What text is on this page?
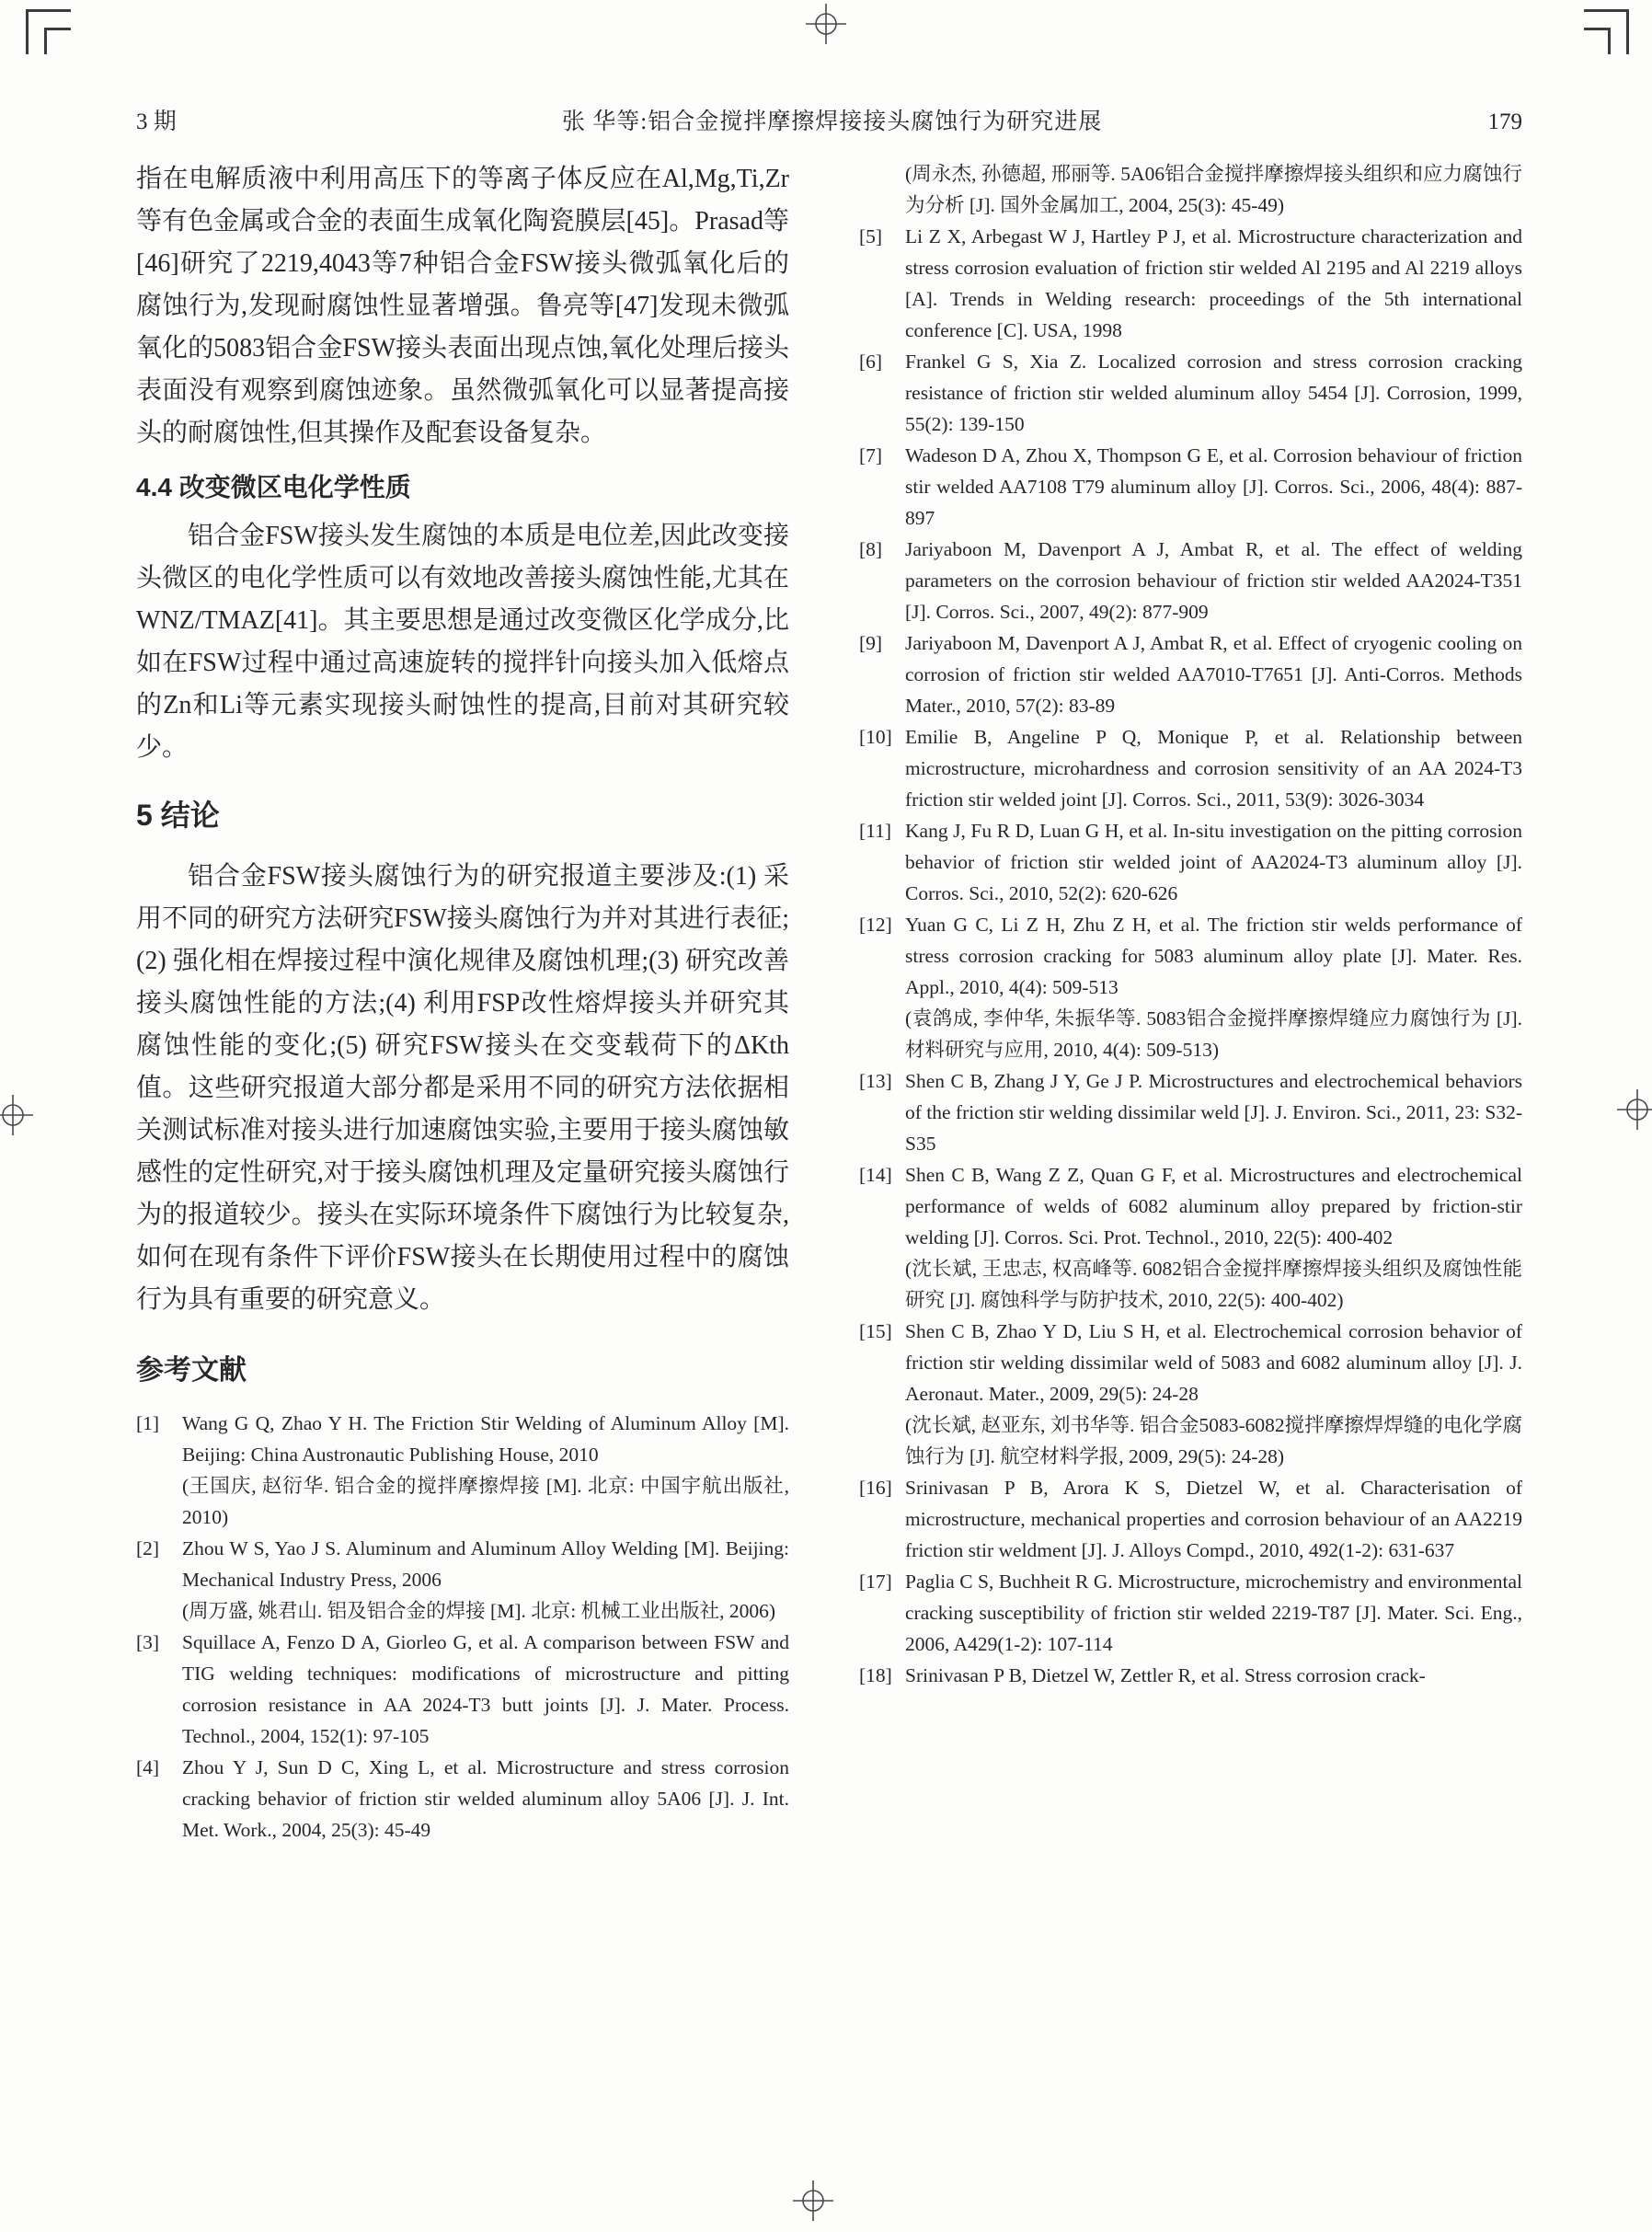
3 期	张 华等:铝合金搅拌摩擦焊接接头腐蚀行为研究进展	179

指在电解质液中利用高压下的等离子体反应在Al,Mg,Ti,Zr等有色金属或合金的表面生成氧化陶瓷膜层[45]。Prasad等[46]研究了2219,4043等7种铝合金FSW接头微弧氧化后的腐蚀行为,发现耐腐蚀性显著增强。鲁亮等[47]发现未微弧氧化的5083铝合金FSW接头表面出现点蚀,氧化处理后接头表面没有观察到腐蚀迹象。虽然微弧氧化可以显著提高接头的耐腐蚀性,但其操作及配套设备复杂。

4.4 改变微区电化学性质

铝合金FSW接头发生腐蚀的本质是电位差,因此改变接头微区的电化学性质可以有效地改善接头腐蚀性能,尤其在WNZ/TMAZ[41]。其主要思想是通过改变微区化学成分,比如在FSW过程中通过高速旋转的搅拌针向接头加入低熔点的Zn和Li等元素实现接头耐蚀性的提高,目前对其研究较少。

5 结论

铝合金FSW接头腐蚀行为的研究报道主要涉及:(1) 采用不同的研究方法研究FSW接头腐蚀行为并对其进行表征;(2) 强化相在焊接过程中演化规律及腐蚀机理;(3) 研究改善接头腐蚀性能的方法;(4) 利用FSP改性熔焊接头并研究其腐蚀性能的变化;(5) 研究FSW接头在交变载荷下的ΔKth值。这些研究报道大部分都是采用不同的研究方法依据相关测试标准对接头进行加速腐蚀实验,主要用于接头腐蚀敏感性的定性研究,对于接头腐蚀机理及定量研究接头腐蚀行为的报道较少。接头在实际环境条件下腐蚀行为比较复杂,如何在现有条件下评价FSW接头在长期使用过程中的腐蚀行为具有重要的研究意义。

参考文献
[1] Wang G Q, Zhao Y H. The Friction Stir Welding of Aluminum Alloy [M]. Beijing: China Austronautic Publishing House, 2010
(王国庆, 赵衍华. 铝合金的搅拌摩擦焊接 [M]. 北京: 中国宇航出版社, 2010)
[2] Zhou W S, Yao J S. Aluminum and Aluminum Alloy Welding [M]. Beijing: Mechanical Industry Press, 2006
(周万盛, 姚君山. 铝及铝合金的焊接 [M]. 北京: 机械工业出版社, 2006)
[3] Squillace A, Fenzo D A, Giorleo G, et al. A comparison between FSW and TIG welding techniques: modifications of microstructure and pitting corrosion resistance in AA 2024-T3 butt joints [J]. J. Mater. Process. Technol., 2004, 152(1): 97-105
[4] Zhou Y J, Sun D C, Xing L, et al. Microstructure and stress corrosion cracking behavior of friction stir welded aluminum alloy 5A06 [J]. J. Int. Met. Work., 2004, 25(3): 45-49
(周永杰, 孙德超, 邢丽等. 5A06铝合金搅拌摩擦焊接头组织和应力腐蚀行为分析 [J]. 国外金属加工, 2004, 25(3): 45-49)
[5] Li Z X, Arbegast W J, Hartley P J, et al. Microstructure characterization and stress corrosion evaluation of friction stir welded Al 2195 and Al 2219 alloys [A]. Trends in Welding research: proceedings of the 5th international conference [C]. USA, 1998
[6] Frankel G S, Xia Z. Localized corrosion and stress corrosion cracking resistance of friction stir welded aluminum alloy 5454 [J]. Corrosion, 1999, 55(2): 139-150
[7] Wadeson D A, Zhou X, Thompson G E, et al. Corrosion behaviour of friction stir welded AA7108 T79 aluminum alloy [J]. Corros. Sci., 2006, 48(4): 887-897
[8] Jariyaboon M, Davenport A J, Ambat R, et al. The effect of welding parameters on the corrosion behaviour of friction stir welded AA2024-T351 [J]. Corros. Sci., 2007, 49(2): 877-909
[9] Jariyaboon M, Davenport A J, Ambat R, et al. Effect of cryogenic cooling on corrosion of friction stir welded AA7010-T7651 [J]. Anti-Corros. Methods Mater., 2010, 57(2): 83-89
[10] Emilie B, Angeline P Q, Monique P, et al. Relationship between microstructure, microhardness and corrosion sensitivity of an AA 2024-T3 friction stir welded joint [J]. Corros. Sci., 2011, 53(9): 3026-3034
[11] Kang J, Fu R D, Luan G H, et al. In-situ investigation on the pitting corrosion behavior of friction stir welded joint of AA2024-T3 aluminum alloy [J]. Corros. Sci., 2010, 52(2): 620-626
[12] Yuan G C, Li Z H, Zhu Z H, et al. The friction stir welds performance of stress corrosion cracking for 5083 aluminum alloy plate [J]. Mater. Res. Appl., 2010, 4(4): 509-513
(袁鸽成, 李仲华, 朱振华等. 5083铝合金搅拌摩擦焊缝应力腐蚀行为 [J]. 材料研究与应用, 2010, 4(4): 509-513)
[13] Shen C B, Zhang J Y, Ge J P. Microstructures and electrochemical behaviors of the friction stir welding dissimilar weld [J]. J. Environ. Sci., 2011, 23: S32-S35
[14] Shen C B, Wang Z Z, Quan G F, et al. Microstructures and electrochemical performance of welds of 6082 aluminum alloy prepared by friction-stir welding [J]. Corros. Sci. Prot. Technol., 2010, 22(5): 400-402
(沈长斌, 王忠志, 权高峰等. 6082铝合金搅拌摩擦焊接头组织及腐蚀性能研究 [J]. 腐蚀科学与防护技术, 2010, 22(5): 400-402)
[15] Shen C B, Zhao Y D, Liu S H, et al. Electrochemical corrosion behavior of friction stir welding dissimilar weld of 5083 and 6082 aluminum alloy [J]. J. Aeronaut. Mater., 2009, 29(5): 24-28
(沈长斌, 赵亚东, 刘书华等. 铝合金5083-6082搅拌摩擦焊焊缝的电化学腐蚀行为 [J]. 航空材料学报, 2009, 29(5): 24-28)
[16] Srinivasan P B, Arora K S, Dietzel W, et al. Characterisation of microstructure, mechanical properties and corrosion behaviour of an AA2219 friction stir weldment [J]. J. Alloys Compd., 2010, 492(1-2): 631-637
[17] Paglia C S, Buchheit R G. Microstructure, microchemistry and environmental cracking susceptibility of friction stir welded 2219-T87 [J]. Mater. Sci. Eng., 2006, A429(1-2): 107-114
[18] Srinivasan P B, Dietzel W, Zettler R, et al. Stress corrosion crack-
